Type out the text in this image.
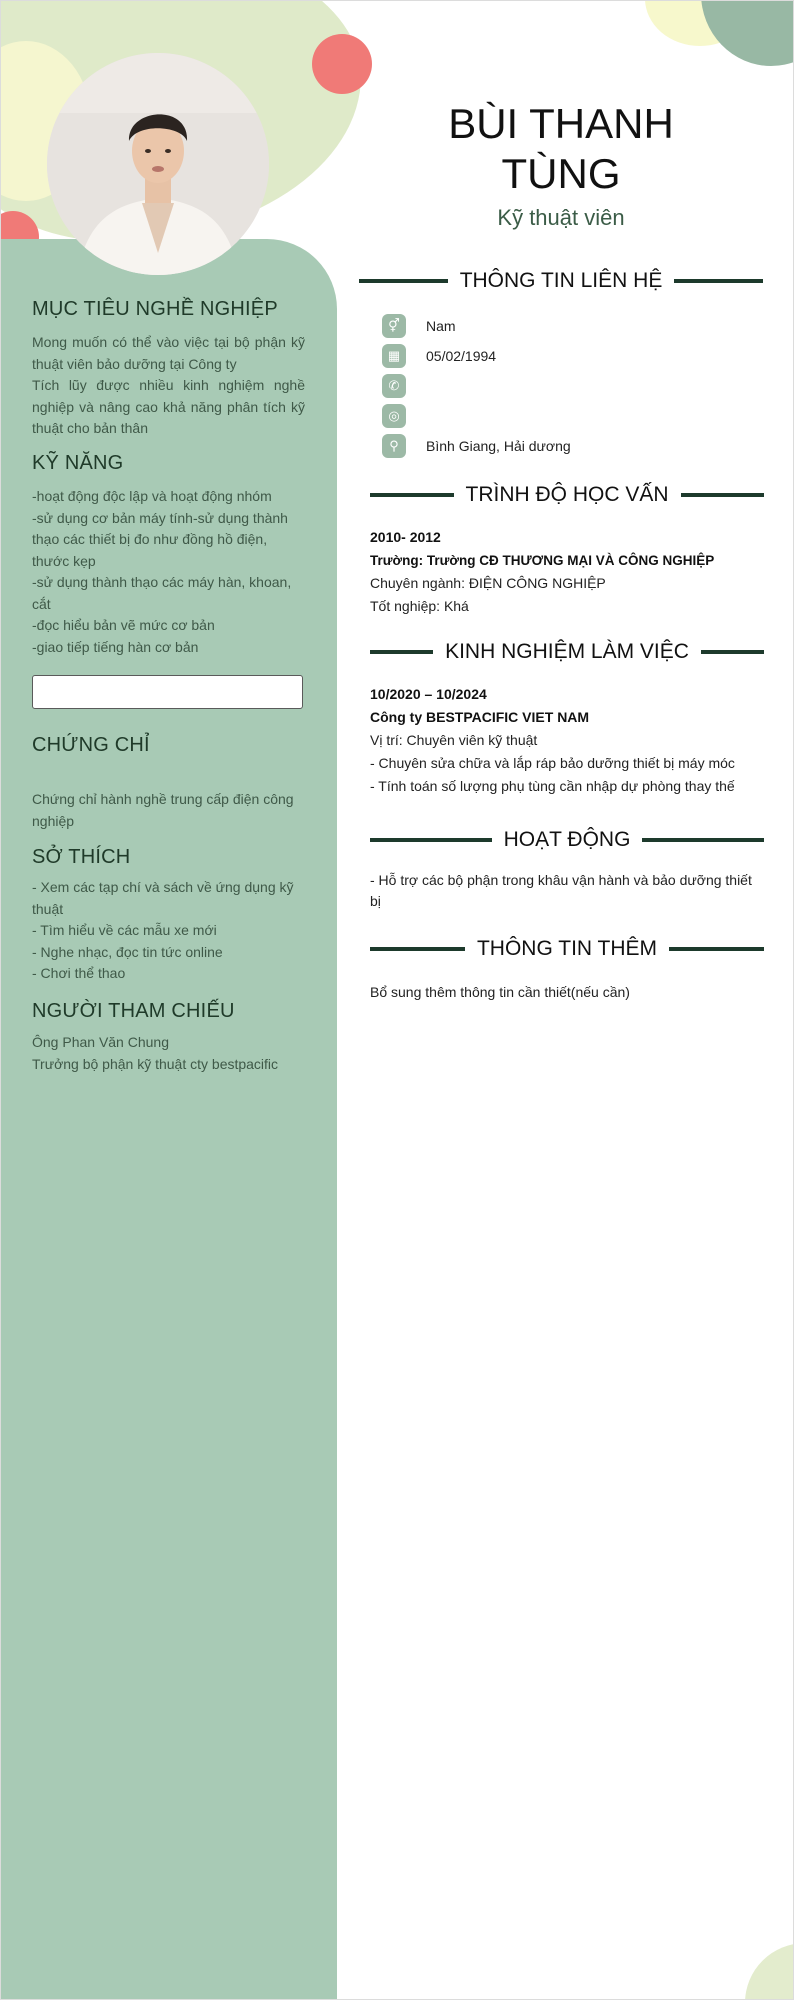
MỤC TIÊU NGHỀ NGHIỆP

Mong muốn có thể vào việc tại bộ phận kỹ thuật viên bảo dưỡng tại Công ty

Tích lũy được nhiều kinh nghiệm nghề nghiệp và nâng cao khả năng phân tích kỹ thuật cho bản thân

KỸ NĂNG

-hoạt động độc lập và hoạt động nhóm

-sử dụng cơ bản máy tính-sử dụng thành thạo các thiết bị đo như đồng hồ điện, thước kẹp

-sử dụng thành thạo các máy hàn, khoan, cắt

-đọc hiểu bản vẽ mức cơ bản

-giao tiếp tiếng hàn cơ bản

CHỨNG CHỈ

Chứng chỉ hành nghề trung cấp điện công nghiệp

SỞ THÍCH

- Xem các tạp chí và sách về ứng dụng kỹ thuật

- Tìm hiểu về các mẫu xe mới

- Nghe nhạc, đọc tin tức online

- Chơi thể thao

NGƯỜI THAM CHIẾU

Ông Phan Văn Chung

Trưởng bộ phận kỹ thuật cty bestpacific

BÙI THANH
TÙNG
Kỹ thuật viên
THÔNG TIN LIÊN HỆ
⚥	Nam
▦	05/02/1994
✆
◎
⚲	Bình Giang, Hải dương
TRÌNH ĐỘ HỌC VẤN
2010- 2012
Trường: Trường CĐ THƯƠNG MẠI VÀ CÔNG NGHIỆP
Chuyên ngành: ĐIỆN CÔNG NGHIỆP
Tốt nghiệp: Khá
KINH NGHIỆM LÀM VIỆC
10/2020 – 10/2024
Công ty BESTPACIFIC VIET NAM
Vị trí: Chuyên viên kỹ thuật
- Chuyên sửa chữa và lắp ráp bảo dưỡng thiết bị máy móc
- Tính toán số lượng phụ tùng cần nhập dự phòng thay thế
HOẠT ĐỘNG
- Hỗ trợ các bộ phận trong khâu vận hành và bảo dưỡng thiết bị
THÔNG TIN THÊM
Bổ sung thêm thông tin cần thiết(nếu cần)
